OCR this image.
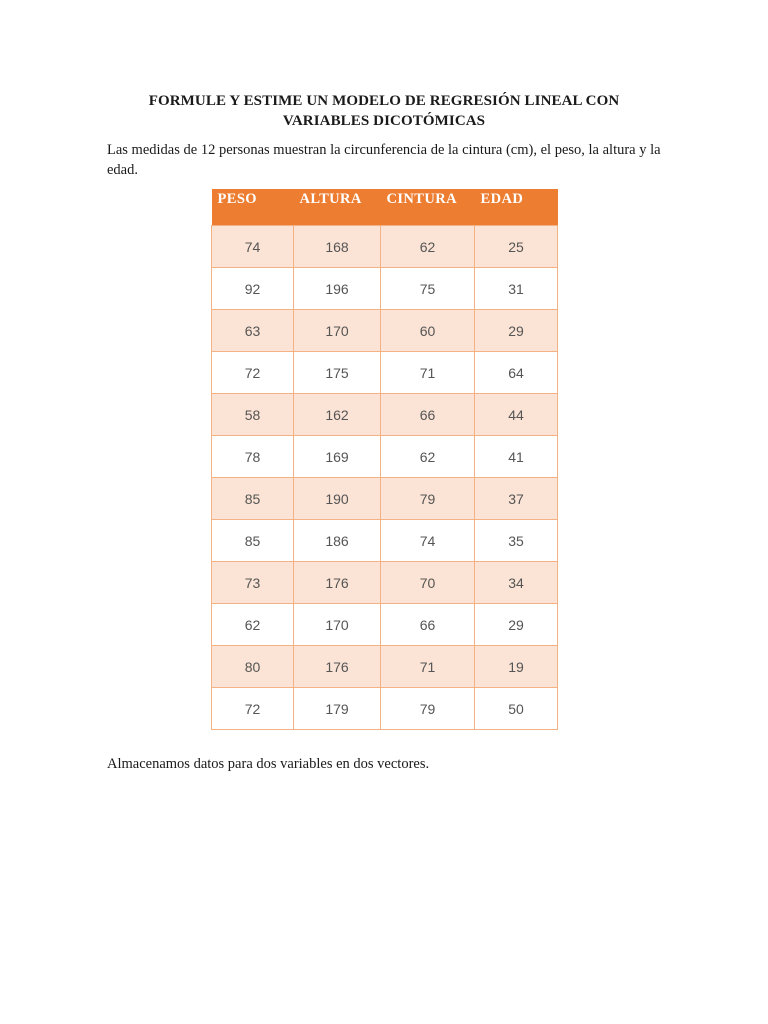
FORMULE Y ESTIME UN MODELO DE REGRESIÓN LINEAL CON
VARIABLES DICOTÓMICAS
Las medidas de 12 personas muestran la circunferencia de la cintura (cm), el peso, la altura y la edad.
PESO	ALTURA	CINTURA	EDAD
74	168	62	25
92	196	75	31
63	170	60	29
72	175	71	64
58	162	66	44
78	169	62	41
85	190	79	37
85	186	74	35
73	176	70	34
62	170	66	29
80	176	71	19
72	179	79	50
Almacenamos datos para dos variables en dos vectores.
